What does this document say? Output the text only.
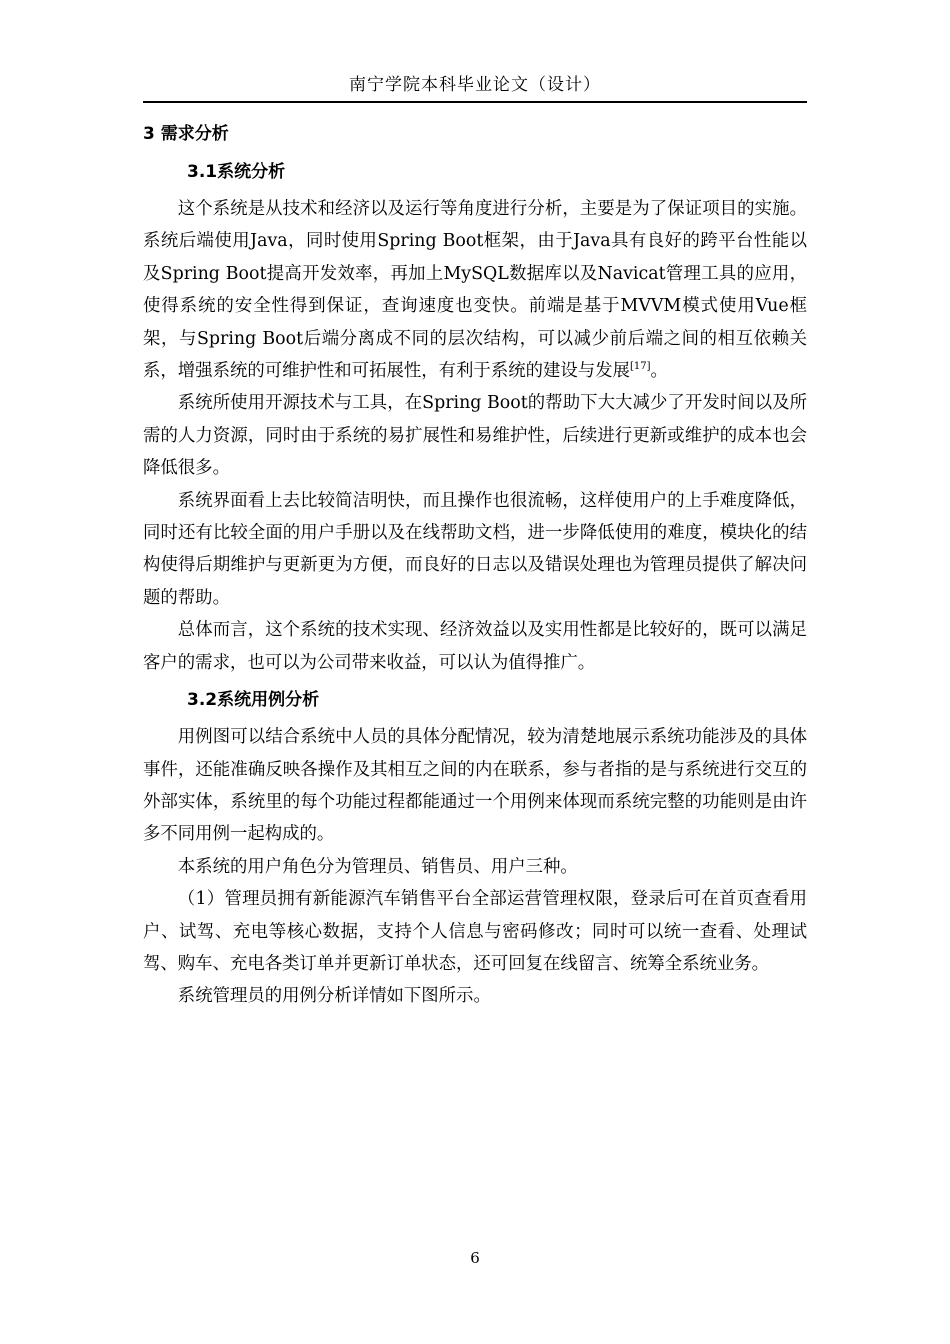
南宁学院本科毕业论文（设计）
3 需求分析
3.1系统分析

这个系统是从技术和经济以及运行等角度进行分析，主要是为了保证项目的实施。 系统后端使用Java，同时使用Spring Boot框架，由于Java具有良好的跨平台性能以及Spring Boot提高开发效率，再加上MySQL数据库以及Navicat管理工具的应用，使得系统的安全性得到保证，查询速度也变快。前端是基于MVVM模式使用Vue框架，与Spring Boot后端分离成不同的层次结构，可以减少前后端之间的相互依赖关系，增强系统的可维护性和可拓展性，有利于系统的建设与发展[17]。

系统所使用开源技术与工具，在Spring Boot的帮助下大大减少了开发时间以及所需的人力资源，同时由于系统的易扩展性和易维护性，后续进行更新或维护的成本也会降低很多。

系统界面看上去比较简洁明快，而且操作也很流畅，这样使用户的上手难度降低，同时还有比较全面的用户手册以及在线帮助文档，进一步降低使用的难度，模块化的结构使得后期维护与更新更为方便，而良好的日志以及错误处理也为管理员提供了解决问题的帮助。

总体而言，这个系统的技术实现、经济效益以及实用性都是比较好的，既可以满足客户的需求，也可以为公司带来收益，可以认为值得推广。

3.2系统用例分析

用例图可以结合系统中人员的具体分配情况，较为清楚地展示系统功能涉及的具体事件，还能准确反映各操作及其相互之间的内在联系，参与者指的是与系统进行交互的外部实体，系统里的每个功能过程都能通过一个用例来体现而系统完整的功能则是由许多不同用例一起构成的。

本系统的用户角色分为管理员、销售员、用户三种。

（1）管理员拥有新能源汽车销售平台全部运营管理权限，登录后可在首页查看用户、试驾、充电等核心数据，支持个人信息与密码修改；同时可以统一查看、处理试驾、购车、充电各类订单并更新订单状态，还可回复在线留言、统筹全系统业务。

系统管理员的用例分析详情如下图所示。

6
